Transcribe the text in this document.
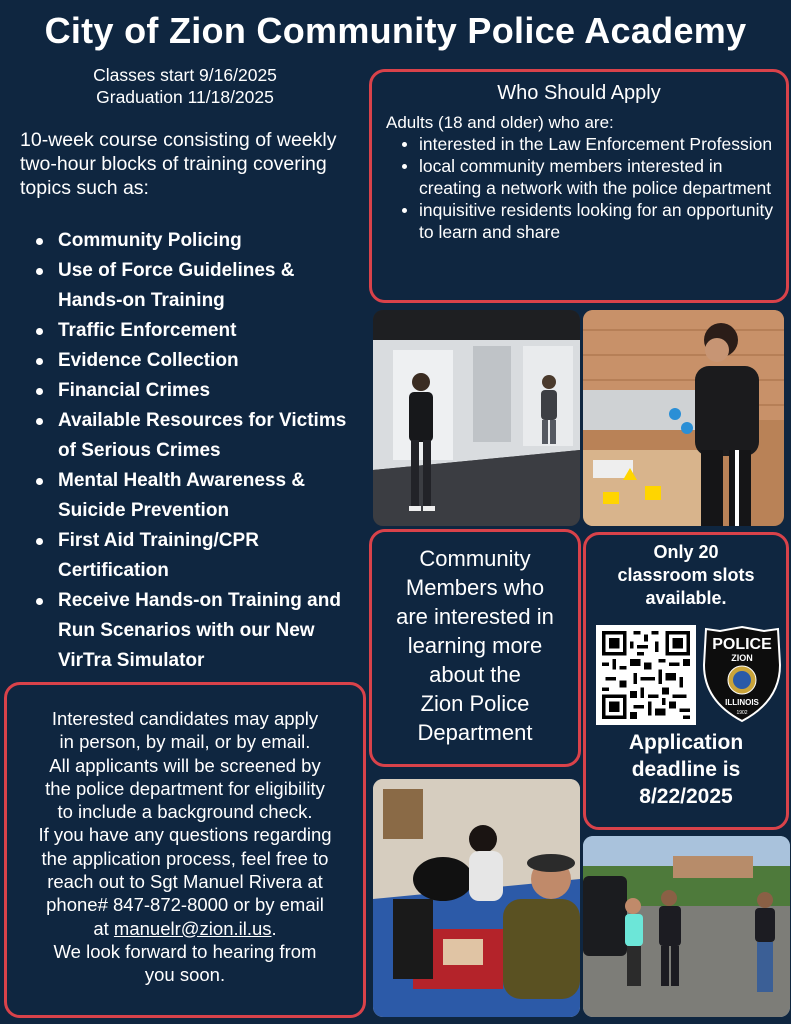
City of Zion Community Police Academy
Classes start 9/16/2025
Graduation 11/18/2025
10-week course consisting of weekly two-hour blocks of training covering topics such as:
Community Policing
Use of Force Guidelines & Hands-on Training
Traffic Enforcement
Evidence Collection
Financial Crimes
Available Resources for Victims of Serious Crimes
Mental Health Awareness & Suicide Prevention
First Aid Training/CPR Certification
Receive Hands-on Training and Run Scenarios with our New VirTra Simulator
Who Should Apply
Adults (18 and older) who are:
interested in the Law Enforcement Profession
local community members interested in creating a network with the police department
inquisitive residents looking for an opportunity to learn and share
Community
Members who
are interested in
learning more
about the
Zion Police
Department
Only 20
classroom slots
available.
POLICE
ZION
ILLINOIS
1902
Application
deadline is
8/22/2025
Interested candidates may apply
in person, by mail, or by email.
All applicants will be screened by
the police department for eligibility
to include a background check.
If you have any questions regarding
the application process, feel free to
reach out to Sgt Manuel Rivera at
phone# 847-872-8000 or by email
at manuelr@zion.il.us.
We look forward to hearing from
you soon.
